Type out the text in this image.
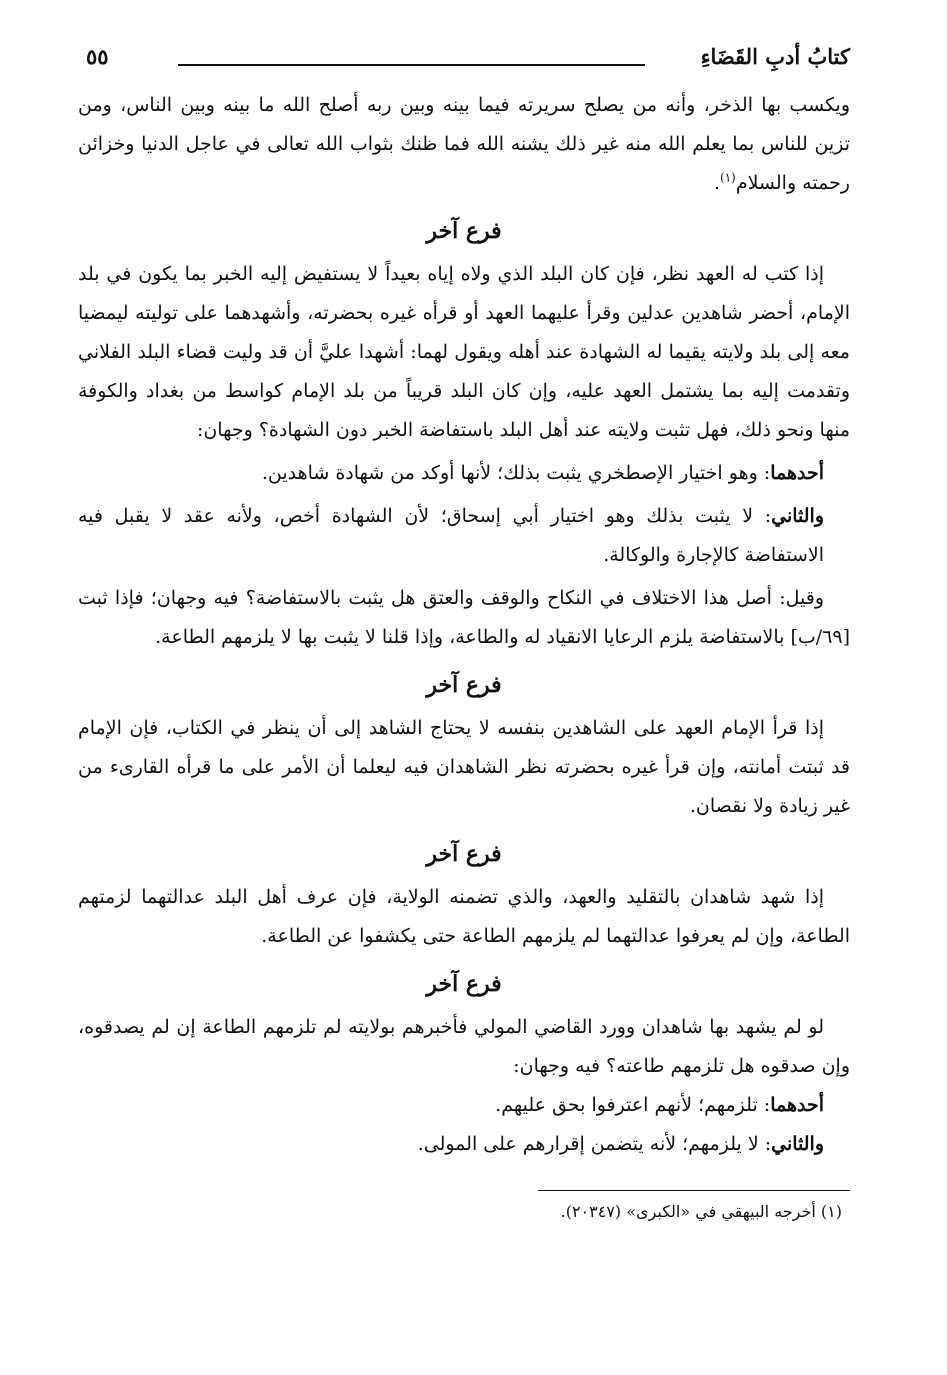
كتابُ أدبِ القَضَاءِ
٥٥

ويكسب بها الذخر، وأنه من يصلح سريرته فيما بينه وبين ربه أصلح الله ما بينه وبين الناس، ومن تزين للناس بما يعلم الله منه غير ذلك يشنه الله فما ظنك بثواب الله تعالى في عاجل الدنيا وخزائن رحمته والسلام$^{(١)}$.

فرع آخر

إذا كتب له العهد نظر، فإن كان البلد الذي ولاه إياه بعيداً لا يستفيض إليه الخبر بما يكون في بلد الإمام، أحضر شاهدين عدلين وقرأ عليهما العهد أو قرأه غيره بحضرته، وأشهدهما على توليته ليمضيا معه إلى بلد ولايته يقيما له الشهادة عند أهله ويقول لهما: أشهدا عليَّ أن قد وليت قضاء البلد الفلاني وتقدمت إليه بما يشتمل العهد عليه، وإن كان البلد قريباً من بلد الإمام كواسط من بغداد والكوفة منها ونحو ذلك، فهل تثبت ولايته عند أهل البلد باستفاضة الخبر دون الشهادة؟ وجهان:

أحدهما: وهو اختيار الإصطخري يثبت بذلك؛ لأنها أوكد من شهادة شاهدين.

والثاني: لا يثبت بذلك وهو اختيار أبي إسحاق؛ لأن الشهادة أخص، ولأنه عقد لا يقبل فيه الاستفاضة كالإجارة والوكالة.

وقيل: أصل هذا الاختلاف في النكاح والوقف والعتق هل يثبت بالاستفاضة؟ فيه وجهان؛ فإذا ثبت [٦٩/ب] بالاستفاضة يلزم الرعايا الانقياد له والطاعة، وإذا قلنا لا يثبت بها لا يلزمهم الطاعة.

فرع آخر

إذا قرأ الإمام العهد على الشاهدين بنفسه لا يحتاج الشاهد إلى أن ينظر في الكتاب، فإن الإمام قد ثبتت أمانته، وإن قرأ غيره بحضرته نظر الشاهدان فيه ليعلما أن الأمر على ما قرأه القارىء من غير زيادة ولا نقصان.

فرع آخر

إذا شهد شاهدان بالتقليد والعهد، والذي تضمنه الولاية، فإن عرف أهل البلد عدالتهما لزمتهم الطاعة، وإن لم يعرفوا عدالتهما لم يلزمهم الطاعة حتى يكشفوا عن الطاعة.

فرع آخر

لو لم يشهد بها شاهدان وورد القاضي المولي فأخبرهم بولايته لم تلزمهم الطاعة إن لم يصدقوه، وإن صدقوه هل تلزمهم طاعته؟ فيه وجهان:

أحدهما: تلزمهم؛ لأنهم اعترفوا بحق عليهم.

والثاني: لا يلزمهم؛ لأنه يتضمن إقرارهم على المولى.

(١) أخرجه البيهقي في «الكبرى» (٢٠٣٤٧).
